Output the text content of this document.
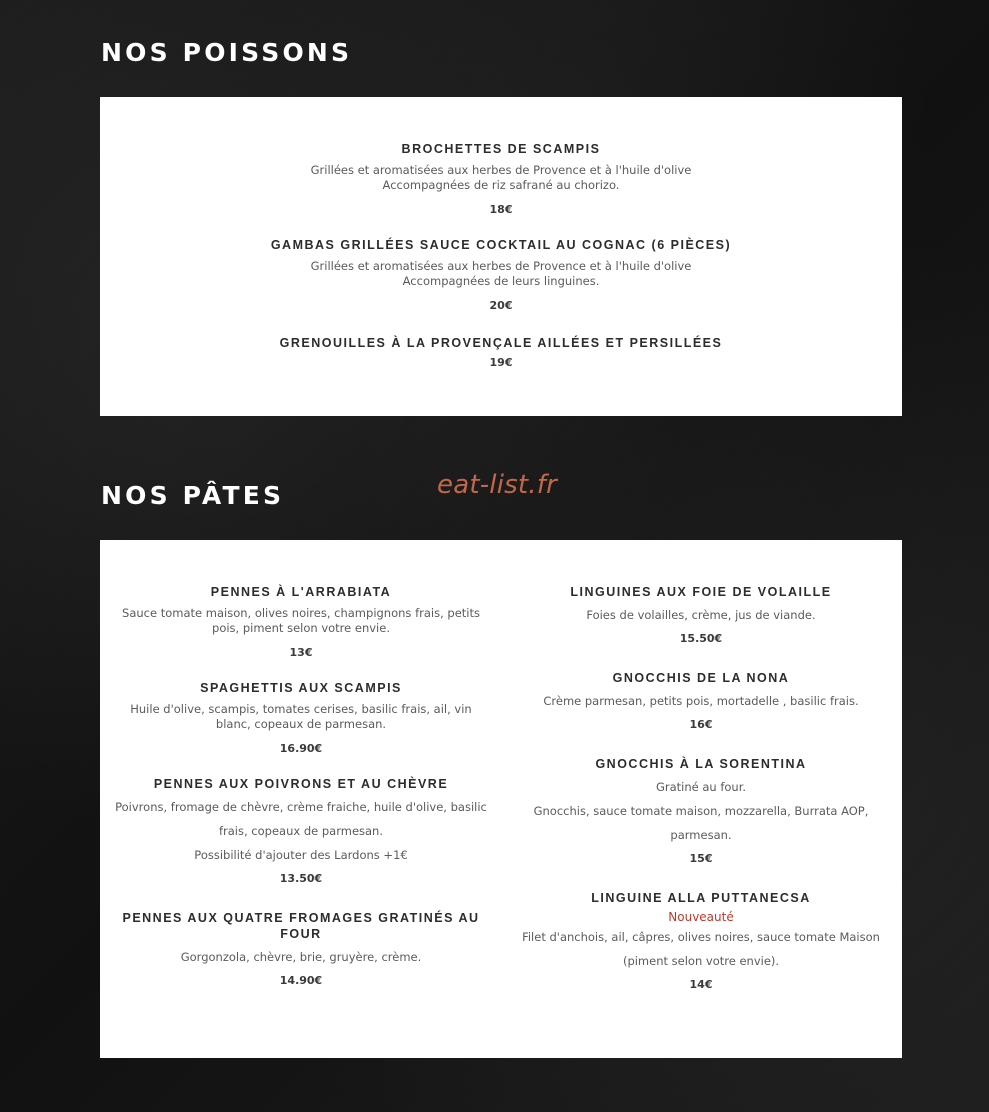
NOS POISSONS

BROCHETTES DE SCAMPIS

Grillées et aromatisées aux herbes de Provence et à l'huile d'olive
Accompagnées de riz safrané au chorizo.

18€

GAMBAS GRILLÉES SAUCE COCKTAIL AU COGNAC (6 PIÈCES)

Grillées et aromatisées aux herbes de Provence et à l'huile d'olive
Accompagnées de leurs linguines.

20€

GRENOUILLES À LA PROVENÇALE AILLÉES ET PERSILLÉES

19€

NOS PÂTES	eat-list.fr

PENNES À L'ARRABIATA

Sauce tomate maison, olives noires, champignons frais, petits
pois, piment selon votre envie.

13€

SPAGHETTIS AUX SCAMPIS

Huile d'olive, scampis, tomates cerises, basilic frais, ail, vin
blanc, copeaux de parmesan.

16.90€

PENNES AUX POIVRONS ET AU CHÈVRE

Poivrons, fromage de chèvre, crème fraiche, huile d'olive, basilic
frais, copeaux de parmesan.
Possibilité d'ajouter des Lardons +1€

13.50€

PENNES AUX QUATRE FROMAGES GRATINÉS AU FOUR

Gorgonzola, chèvre, brie, gruyère, crème.

14.90€

LINGUINES AUX FOIE DE VOLAILLE

Foies de volailles, crème, jus de viande.

15.50€

GNOCCHIS DE LA NONA

Crème parmesan, petits pois, mortadelle , basilic frais.

16€

GNOCCHIS À LA SORENTINA

Gratiné au four.
Gnocchis, sauce tomate maison, mozzarella, Burrata AOP,
parmesan.

15€

LINGUINE ALLA PUTTANECSA

Nouveauté

Filet d'anchois, ail, câpres, olives noires, sauce tomate Maison
(piment selon votre envie).

14€
